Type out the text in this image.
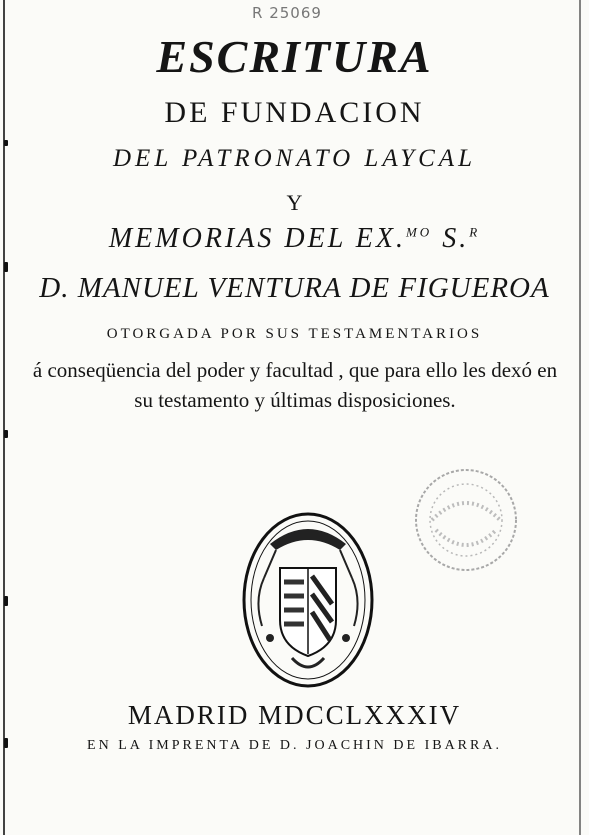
R 25069
ESCRITURA
DE FUNDACION
DEL PATRONATO LAYCAL
Y
MEMORIAS DEL EX.$^{MO}$ S.$^R$
D. MANUEL VENTURA DE FIGUEROA
OTORGADA POR SUS TESTAMENTARIOS
á conseqüencia del poder y facultad , que para ello les dexó en su testamento y últimas disposiciones.
MADRID MDCCLXXXIV
EN LA IMPRENTA DE D. JOACHIN DE IBARRA.
